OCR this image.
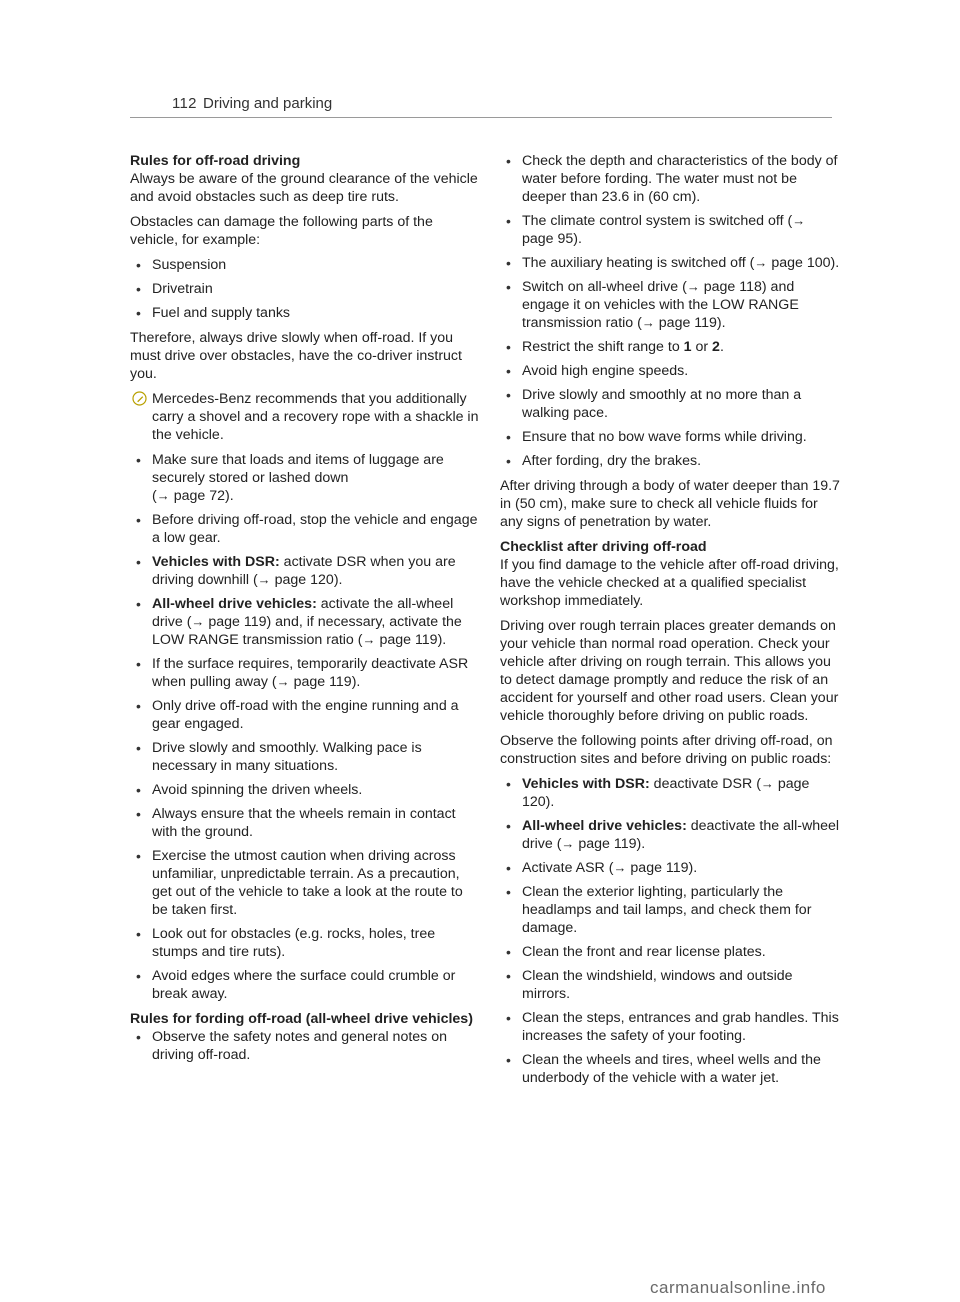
112 Driving and parking
Rules for off-road driving

Always be aware of the ground clearance of the vehicle and avoid obstacles such as deep tire ruts.

Obstacles can damage the following parts of the vehicle, for example:

• Suspension
• Drivetrain
• Fuel and supply tanks

Therefore, always drive slowly when off-road. If you must drive over obstacles, have the co-driver instruct you.

Mercedes-Benz recommends that you additionally carry a shovel and a recovery rope with a shackle in the vehicle.
• Make sure that loads and items of luggage are securely stored or lashed down
(→ page 72).
• Before driving off-road, stop the vehicle and engage a low gear.
• Vehicles with DSR: activate DSR when you are driving downhill (→ page 120).
• All-wheel drive vehicles: activate the all-wheel drive (→ page 119) and, if necessary, activate the LOW RANGE transmission ratio (→ page 119).
• If the surface requires, temporarily deactivate ASR when pulling away (→ page 119).
• Only drive off-road with the engine running and a gear engaged.
• Drive slowly and smoothly. Walking pace is necessary in many situations.
• Avoid spinning the driven wheels.
• Always ensure that the wheels remain in contact with the ground.
• Exercise the utmost caution when driving across unfamiliar, unpredictable terrain. As a precaution, get out of the vehicle to take a look at the route to be taken first.
• Look out for obstacles (e.g. rocks, holes, tree stumps and tire ruts).
• Avoid edges where the surface could crumble or break away.
Rules for fording off-road (all-wheel drive vehicles)
• Observe the safety notes and general notes on driving off-road.
• Check the depth and characteristics of the body of water before fording. The water must not be deeper than 23.6 in (60 cm).
• The climate control system is switched off (→ page 95).
• The auxiliary heating is switched off (→ page 100).
• Switch on all-wheel drive (→ page 118) and engage it on vehicles with the LOW RANGE transmission ratio (→ page 119).
• Restrict the shift range to 1 or 2.
• Avoid high engine speeds.
• Drive slowly and smoothly at no more than a walking pace.
• Ensure that no bow wave forms while driving.
• After fording, dry the brakes.

After driving through a body of water deeper than 19.7 in (50 cm), make sure to check all vehicle fluids for any signs of penetration by water.

Checklist after driving off-road

If you find damage to the vehicle after off-road driving, have the vehicle checked at a qualified specialist workshop immediately.

Driving over rough terrain places greater demands on your vehicle than normal road operation. Check your vehicle after driving on rough terrain. This allows you to detect damage promptly and reduce the risk of an accident for yourself and other road users. Clean your vehicle thoroughly before driving on public roads.

Observe the following points after driving off-road, on construction sites and before driving on public roads:

• Vehicles with DSR: deactivate DSR (→ page 120).
• All-wheel drive vehicles: deactivate the all-wheel drive (→ page 119).
• Activate ASR (→ page 119).
• Clean the exterior lighting, particularly the headlamps and tail lamps, and check them for damage.
• Clean the front and rear license plates.
• Clean the windshield, windows and outside mirrors.
• Clean the steps, entrances and grab handles. This increases the safety of your footing.
• Clean the wheels and tires, wheel wells and the underbody of the vehicle with a water jet.
carmanualsonline.info
